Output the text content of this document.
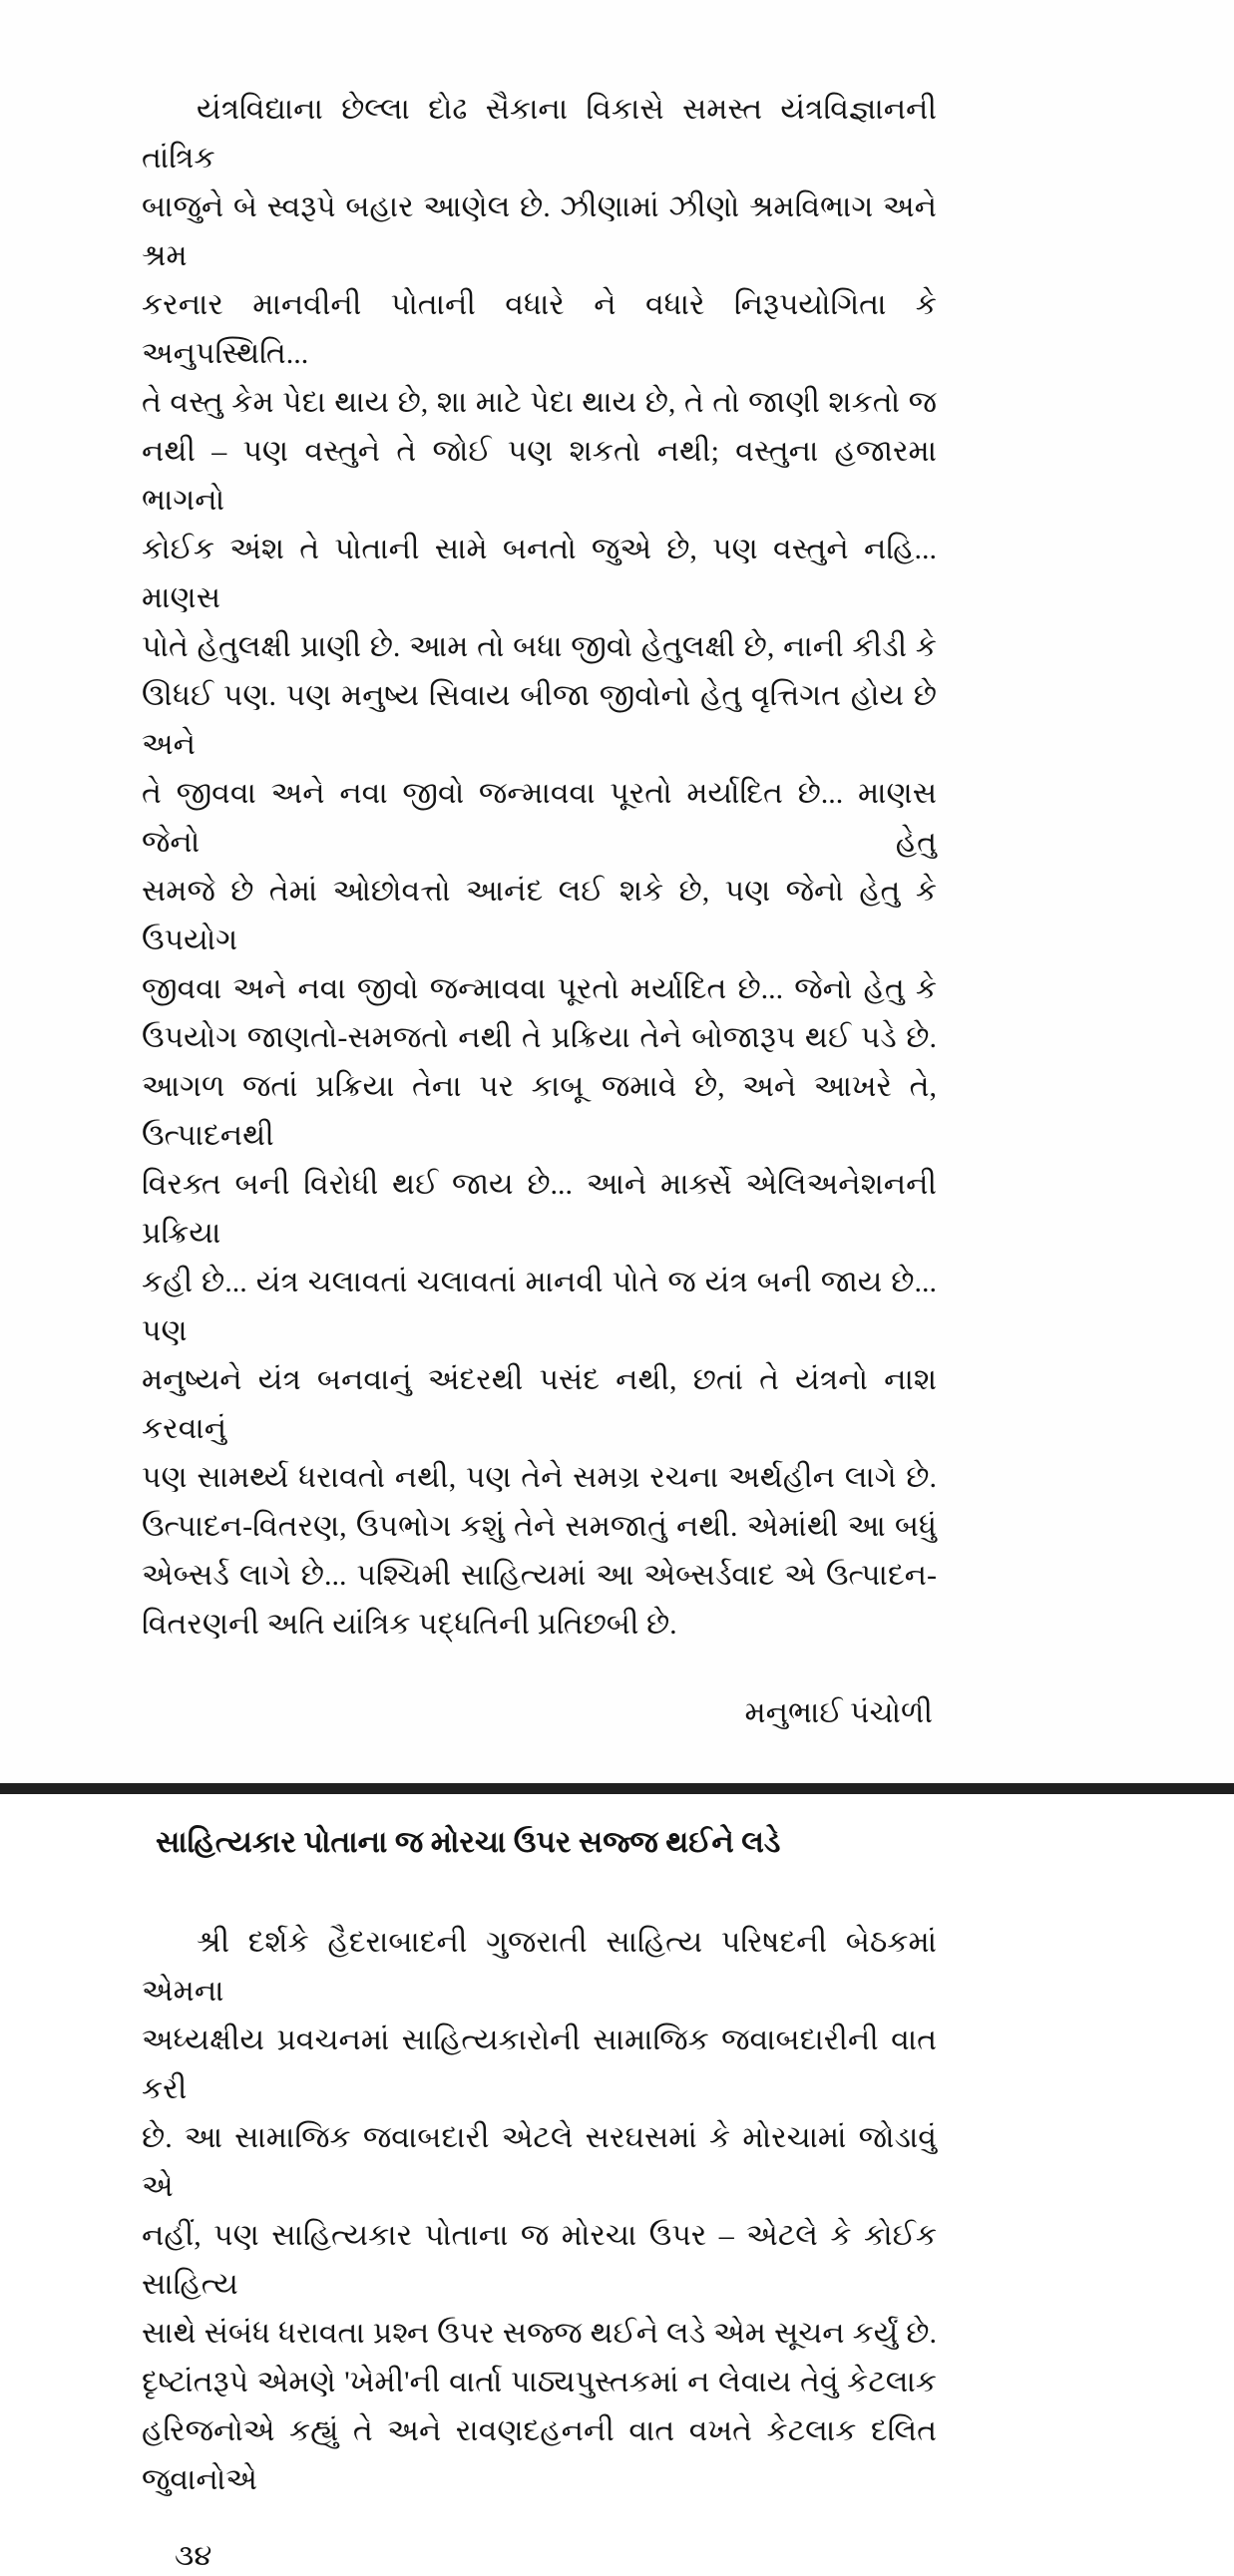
યંત્રવિદ્યાના છેલ્લા દોઢ સૈકાના વિકાસે સમસ્ત યંત્રવિજ્ઞાનની તાંત્રિક
બાજુને બે સ્વરૂપે બહાર આણેલ છે. ઝીણામાં ઝીણો શ્રમવિભાગ અને શ્રમ
કરનાર માનવીની પોતાની વધારે ને વધારે નિરૂપયોગિતા કે અનુપસ્થિતિ...
તે વસ્તુ કેમ પેદા થાય છે, શા માટે પેદા થાય છે, તે તો જાણી શકતો જ
નથી – પણ વસ્તુને તે જોઈ પણ શકતો નથી; વસ્તુના હજારમા ભાગનો
કોઈક અંશ તે પોતાની સામે બનતો જુએ છે, પણ વસ્તુને નહિ... માણસ
પોતે હેતુલક્ષી પ્રાણી છે. આમ તો બધા જીવો હેતુલક્ષી છે, નાની કીડી કે
ઊધઈ પણ. પણ મનુષ્ય સિવાય બીજા જીવોનો હેતુ વૃત્તિગત હોય છે અને
તે જીવવા અને નવા જીવો જન્માવવા પૂરતો મર્યાદિત છે... માણસ જેનો હેતુ
સમજે છે તેમાં ઓછોવત્તો આનંદ લઈ શકે છે, પણ જેનો હેતુ કે ઉપયોગ
જીવવા અને નવા જીવો જન્માવવા પૂરતો મર્યાદિત છે... જેનો હેતુ કે
ઉપયોગ જાણતો-સમજતો નથી તે પ્રક્રિયા તેને બોજારૂપ થઈ પડે છે.
આગળ જતાં પ્રક્રિયા તેના પર કાબૂ જમાવે છે, અને આખરે તે, ઉત્પાદનથી
વિરક્ત બની વિરોધી થઈ જાય છે... આને માર્ક્સે એલિઅનેશનની પ્રક્રિયા
કહી છે... યંત્ર ચલાવતાં ચલાવતાં માનવી પોતે જ યંત્ર બની જાય છે... પણ
મનુષ્યને યંત્ર બનવાનું અંદરથી પસંદ નથી, છતાં તે યંત્રનો નાશ કરવાનું
પણ સામર્થ્ય ધરાવતો નથી, પણ તેને સમગ્ર રચના અર્થહીન લાગે છે.
ઉત્પાદન-વિતરણ, ઉપભોગ કશું તેને સમજાતું નથી. એમાંથી આ બધું
એબ્સર્ડ લાગે છે... પશ્ચિમી સાહિત્યમાં આ એબ્સર્ડવાદ એ ઉત્પાદન-
વિતરણની અતિ યાંત્રિક પદ્ધતિની પ્રતિછબી છે.
મનુભાઈ પંચોળી
સાહિત્યકાર પોતાના જ મોરચા ઉપર સજ્જ થઈને લડે
શ્રી દર્શકે હૈદરાબાદની ગુજરાતી સાહિત્ય પરિષદની બેઠકમાં એમના
અધ્યક્ષીય પ્રવચનમાં સાહિત્યકારોની સામાજિક જવાબદારીની વાત કરી
છે. આ સામાજિક જવાબદારી એટલે સરઘસમાં કે મોરચામાં જોડાવું એ
નહીં, પણ સાહિત્યકાર પોતાના જ મોરચા ઉપર – એટલે કે કોઈક સાહિત્ય
સાથે સંબંધ ધરાવતા પ્રશ્ન ઉપર સજ્જ થઈને લડે એમ સૂચન કર્યું છે.
દૃષ્ટાંતરૂપે એમણે 'ખેમી'ની વાર્તા પાઠ્યપુસ્તકમાં ન લેવાય તેવું કેટલાક
હરિજનોએ કહ્યું તે અને રાવણદહનની વાત વખતે કેટલાક દલિત જુવાનોએ
૩૪
